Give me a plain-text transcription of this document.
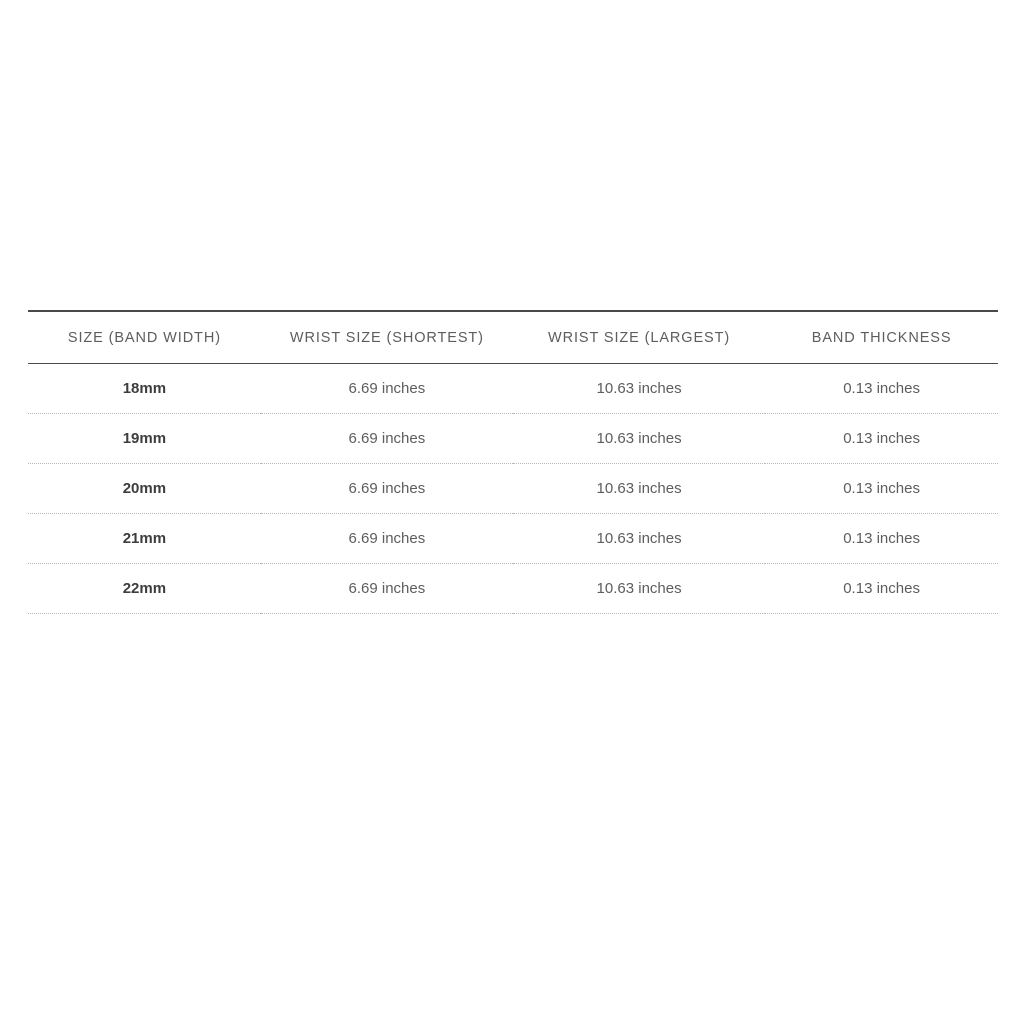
SIZE (BAND WIDTH)	WRIST SIZE (SHORTEST)	WRIST SIZE (LARGEST)	BAND THICKNESS
18mm	6.69 inches	10.63 inches	0.13 inches
19mm	6.69 inches	10.63 inches	0.13 inches
20mm	6.69 inches	10.63 inches	0.13 inches
21mm	6.69 inches	10.63 inches	0.13 inches
22mm	6.69 inches	10.63 inches	0.13 inches
